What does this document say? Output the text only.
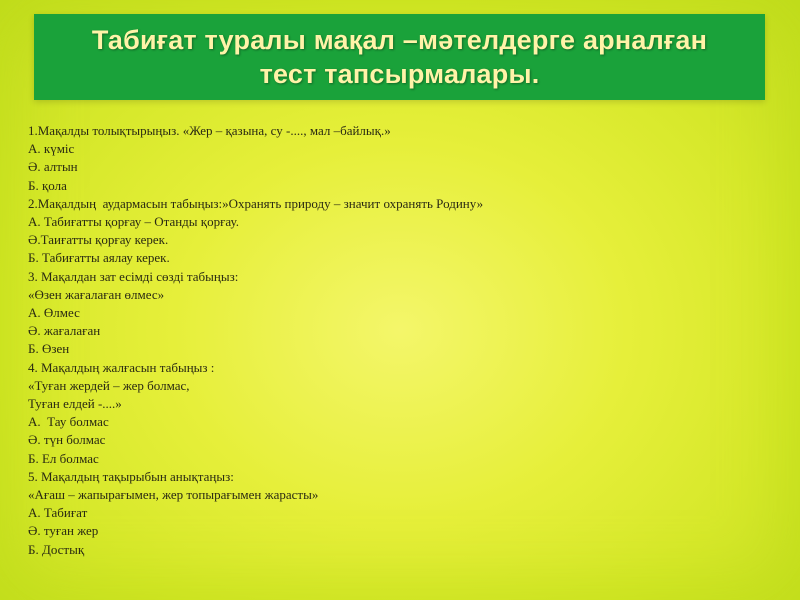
Табиғат туралы мақал –мәтелдерге арналған
тест тапсырмалары.
1.Мақалды толықтырыңыз. «Жер – қазына, су -...., мал –байлық.»
А. күміс
Ә. алтын
Б. қола
2.Мақалдың  аудармасын табыңыз:»Охранять природу – значит охранять Родину»
А. Табиғатты қорғау – Отанды қорғау.
Ә.Таиғатты қорғау керек.
Б. Табиғатты аялау керек.
3. Мақалдан зат есімді сөзді табыңыз:
«Өзен жағалаған өлмес»
А. Өлмес
Ә. жағалаған
Б. Өзен
4. Мақалдың жалғасын табыңыз :
«Туған жердей – жер болмас,
Туған елдей -....»
А.  Тау болмас
Ә. түн болмас
Б. Ел болмас
5. Мақалдың тақырыбын анықтаңыз:
«Ағаш – жапырағымен, жер топырағымен жарасты»
А. Табиғат
Ә. туған жер
Б. Достық
